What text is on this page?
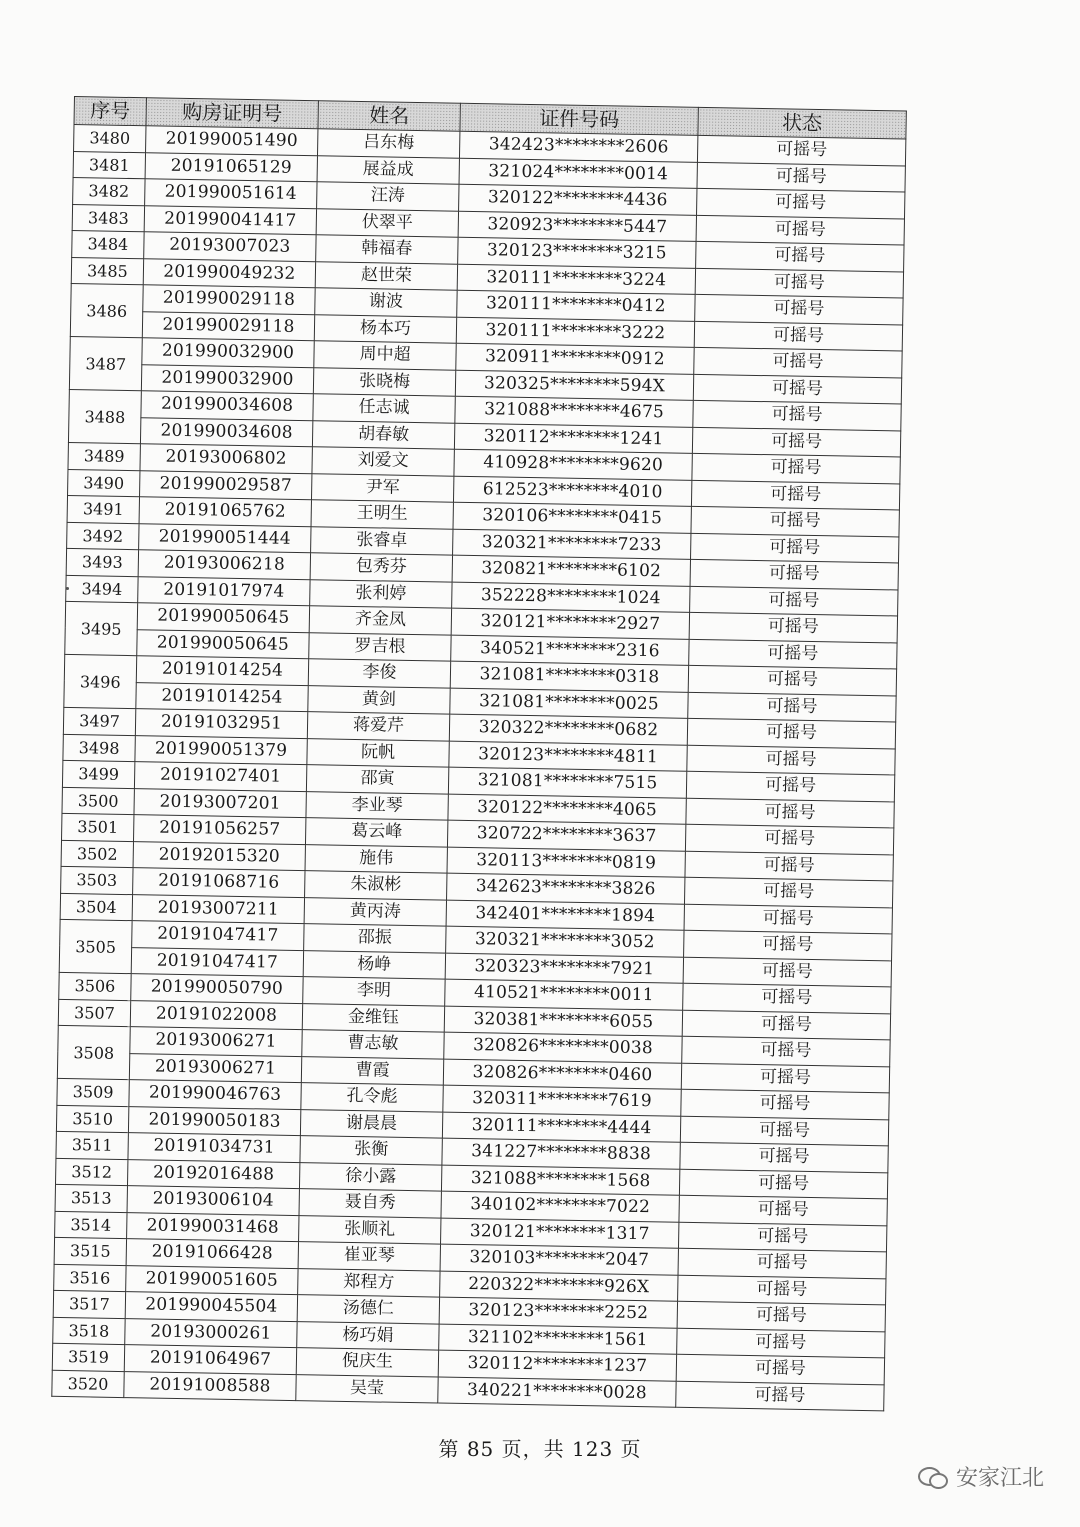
序号	购房证明号	姓名	证件号码	状态
3480	201990051490	吕东梅	342423********2606	可摇号
3481	20191065129	展益成	321024********0014	可摇号
3482	201990051614	汪涛	320122********4436	可摇号
3483	201990041417	伏翠平	320923********5447	可摇号
3484	20193007023	韩福春	320123********3215	可摇号
3485	201990049232	赵世荣	320111********3224	可摇号
3486	201990029118	谢波	320111********0412	可摇号
	201990029118	杨本巧	320111********3222	可摇号
3487	201990032900	周中超	320911********0912	可摇号
	201990032900	张晓梅	320325********594X	可摇号
3488	201990034608	任志诚	321088********4675	可摇号
	201990034608	胡春敏	320112********1241	可摇号
3489	20193006802	刘爱文	410928********9620	可摇号
3490	201990029587	尹军	612523********4010	可摇号
3491	20191065762	王明生	320106********0415	可摇号
3492	201990051444	张睿卓	320321********7233	可摇号
3493	20193006218	包秀芬	320821********6102	可摇号
3494	20191017974	张利婷	352228********1024	可摇号
3495	201990050645	齐金凤	320121********2927	可摇号
	201990050645	罗吉根	340521********2316	可摇号
3496	20191014254	李俊	321081********0318	可摇号
	20191014254	黄剑	321081********0025	可摇号
3497	20191032951	蒋爱芹	320322********0682	可摇号
3498	201990051379	阮帆	320123********4811	可摇号
3499	20191027401	邵寅	321081********7515	可摇号
3500	20193007201	李业琴	320122********4065	可摇号
3501	20191056257	葛云峰	320722********3637	可摇号
3502	20192015320	施伟	320113********0819	可摇号
3503	20191068716	朱淑彬	342623********3826	可摇号
3504	20193007211	黄丙涛	342401********1894	可摇号
3505	20191047417	邵振	320321********3052	可摇号
	20191047417	杨峥	320323********7921	可摇号
3506	201990050790	李明	410521********0011	可摇号
3507	20191022008	金维钰	320381********6055	可摇号
3508	20193006271	曹志敏	320826********0038	可摇号
	20193006271	曹霞	320826********0460	可摇号
3509	201990046763	孔令彪	320311********7619	可摇号
3510	201990050183	谢晨晨	320111********4444	可摇号
3511	20191034731	张衡	341227********8838	可摇号
3512	20192016488	徐小露	321088********1568	可摇号
3513	20193006104	聂自秀	340102********7022	可摇号
3514	201990031468	张顺礼	320121********1317	可摇号
3515	20191066428	崔亚琴	320103********2047	可摇号
3516	201990051605	郑程方	220322********926X	可摇号
3517	201990045504	汤德仁	320123********2252	可摇号
3518	20193000261	杨巧娟	321102********1561	可摇号
3519	20191064967	倪庆生	320112********1237	可摇号
3520	20191008588	吴莹	340221********0028	可摇号
第 85 页，共 123 页
安家江北
